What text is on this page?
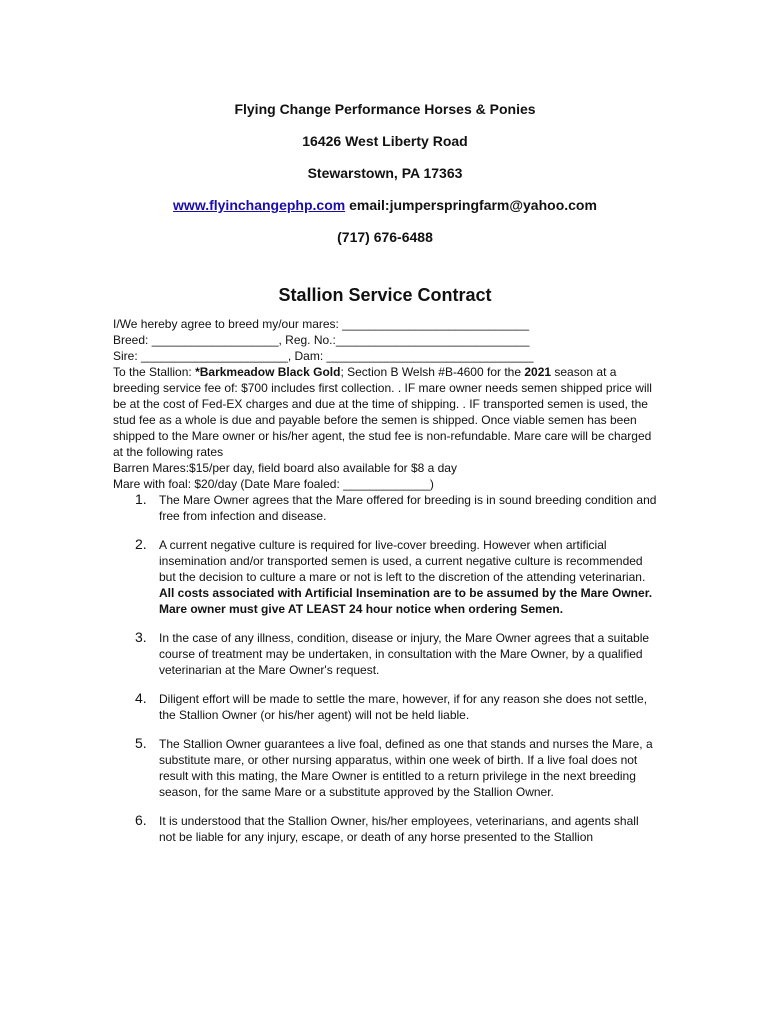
Flying Change Performance Horses & Ponies
16426 West Liberty Road
Stewarstown, PA 17363
www.flyinchangephp.com email:jumperspringfarm@yahoo.com
(717) 676-6488
Stallion Service Contract

I/We hereby agree to breed my/our mares: ____________________________

Breed: ___________________, Reg. No.:_____________________________

Sire: ______________________, Dam: _______________________________

To the Stallion: *Barkmeadow Black Gold; Section B Welsh #B-4600 for the 2021 season at a breeding service fee of: $700 includes first collection. . IF mare owner needs semen shipped price will be at the cost of Fed-EX charges and due at the time of shipping. . IF transported semen is used, the stud fee as a whole is due and payable before the semen is shipped. Once viable semen has been shipped to the Mare owner or his/her agent, the stud fee is non-refundable. Mare care will be charged at the following rates

Barren Mares:$15/per day, field board also available for $8 a day

Mare with foal: $20/day (Date Mare foaled: _____________)

1. The Mare Owner agrees that the Mare offered for breeding is in sound breeding condition and free from infection and disease.
2. A current negative culture is required for live-cover breeding. However when artificial insemination and/or transported semen is used, a current negative culture is recommended but the decision to culture a mare or not is left to the discretion of the attending veterinarian. All costs associated with Artificial Insemination are to be assumed by the Mare Owner. Mare owner must give AT LEAST 24 hour notice when ordering Semen.
3. In the case of any illness, condition, disease or injury, the Mare Owner agrees that a suitable course of treatment may be undertaken, in consultation with the Mare Owner, by a qualified veterinarian at the Mare Owner's request.
4. Diligent effort will be made to settle the mare, however, if for any reason she does not settle, the Stallion Owner (or his/her agent) will not be held liable.
5. The Stallion Owner guarantees a live foal, defined as one that stands and nurses the Mare, a substitute mare, or other nursing apparatus, within one week of birth. If a live foal does not result with this mating, the Mare Owner is entitled to a return privilege in the next breeding season, for the same Mare or a substitute approved by the Stallion Owner.
6. It is understood that the Stallion Owner, his/her employees, veterinarians, and agents shall not be liable for any injury, escape, or death of any horse presented to the Stallion
